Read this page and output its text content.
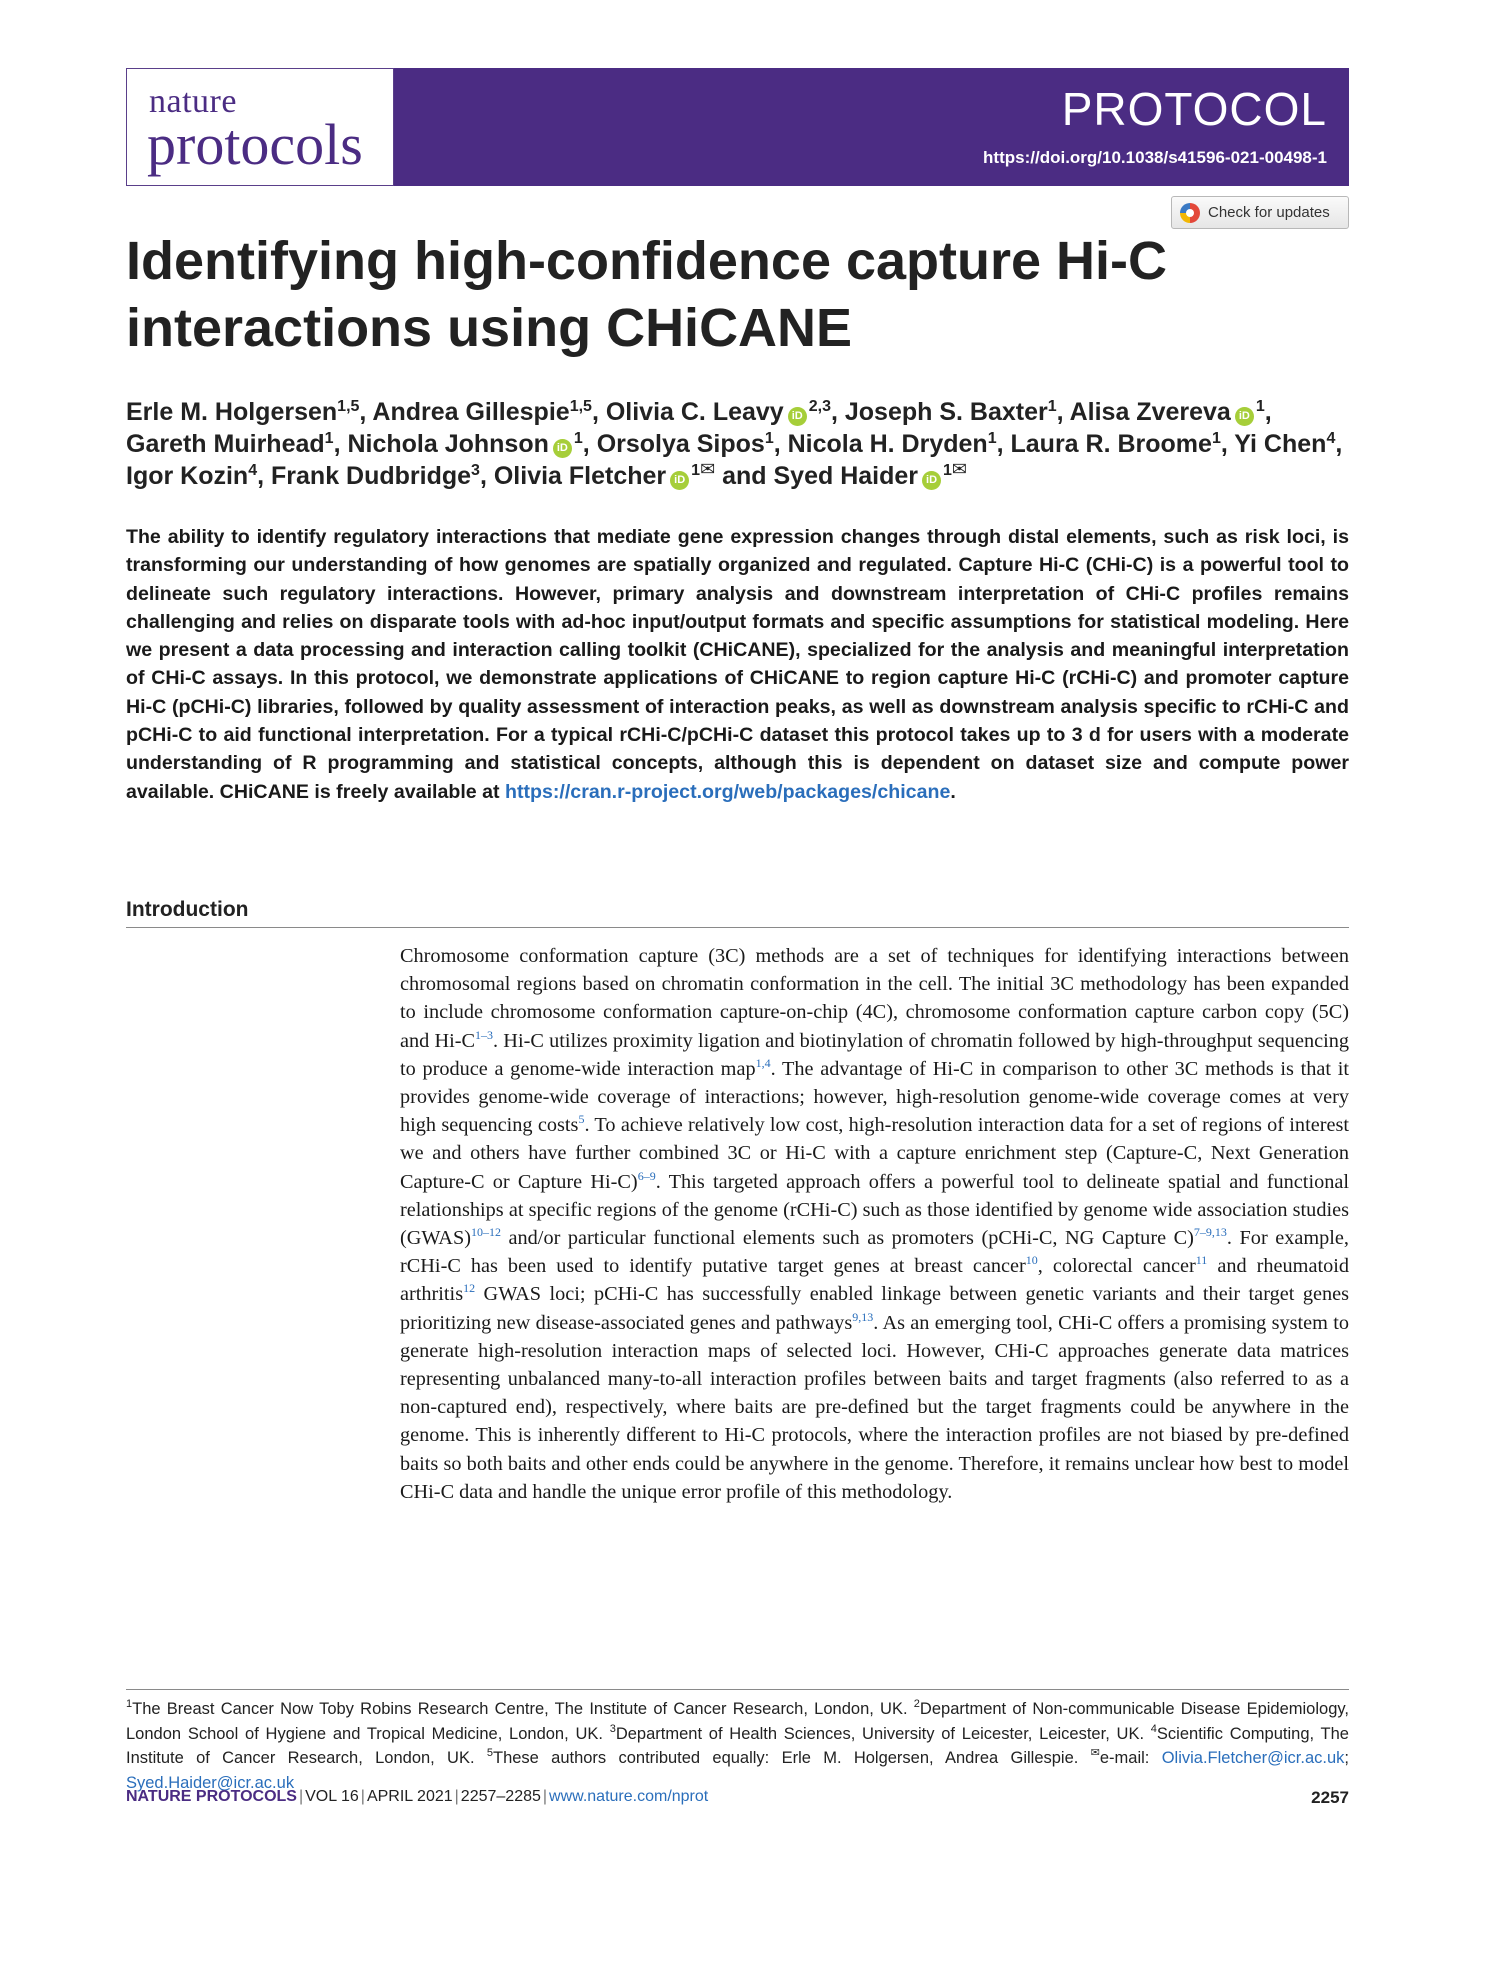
nature
protocols
PROTOCOL
https://doi.org/10.1038/s41596-021-00498-1
Check for updates
Identifying high-confidence capture Hi-C interactions using CHiCANE
Erle M. Holgersen$^{1,5}$, Andrea Gillespie$^{1,5}$, Olivia C. Leavy iD$^{2,3}$, Joseph S. Baxter$^1$, Alisa Zvereva $iD^1$, Gareth Muirhead$^1$, Nichola Johnson $iD^1$, Orsolya Sipos$^1$, Nicola H. Dryden$^1$, Laura R. Broome$^1$, Yi Chen$^4$, Igor Kozin$^4$, Frank Dudbridge$^3$, Olivia Fletcher $iD^{1✉}$ and Syed Haider $iD^{1✉}$

The ability to identify regulatory interactions that mediate gene expression changes through distal elements, such as risk loci, is transforming our understanding of how genomes are spatially organized and regulated. Capture Hi-C (CHi-C) is a powerful tool to delineate such regulatory interactions. However, primary analysis and downstream interpretation of CHi-C profiles remains challenging and relies on disparate tools with ad-hoc input/output formats and specific assumptions for statistical modeling. Here we present a data processing and interaction calling toolkit (CHiCANE), specialized for the analysis and meaningful interpretation of CHi-C assays. In this protocol, we demonstrate applications of CHiCANE to region capture Hi-C (rCHi-C) and promoter capture Hi-C (pCHi-C) libraries, followed by quality assessment of interaction peaks, as well as downstream analysis specific to rCHi-C and pCHi-C to aid functional interpretation. For a typical rCHi-C/pCHi-C dataset this protocol takes up to 3 d for users with a moderate understanding of R programming and statistical concepts, although this is dependent on dataset size and compute power available. CHiCANE is freely available at https://cran.r-project.org/web/packages/chicane.

Introduction

Chromosome conformation capture (3C) methods are a set of techniques for identifying interactions between chromosomal regions based on chromatin conformation in the cell. The initial 3C methodology has been expanded to include chromosome conformation capture-on-chip (4C), chromosome conformation capture carbon copy (5C) and $Hi-C^{1-3}$. Hi-C utilizes proximity ligation and biotinylation of chromatin followed by high-throughput sequencing to produce a genome-wide interaction map$^{1,4}$. The advantage of Hi-C in comparison to other 3C methods is that it provides genome-wide coverage of interactions; however, high-resolution genome-wide coverage comes at very high sequencing costs$^5$. To achieve relatively low cost, high-resolution interaction data for a set of regions of interest we and others have further combined 3C or Hi-C with a capture enrichment step (Capture-C, Next Generation Capture-C or Capture Hi-C)$^{6-9}$. This targeted approach offers a powerful tool to delineate spatial and functional relationships at specific regions of the genome (rCHi-C) such as those identified by genome wide association studies (GWAS)$^{10-12}$ and/or particular functional elements such as promoters (pCHi-C, NG Capture C)$^{7-9,13}$. For example, rCHi-C has been used to identify putative target genes at breast cancer$^{10}$, colorectal cancer$^{11}$ and rheumatoid arthritis$^{12}$ GWAS loci; pCHi-C has successfully enabled linkage between genetic variants and their target genes prioritizing new disease-associated genes and pathways$^{9,13}$. As an emerging tool, CHi-C offers a promising system to generate high-resolution interaction maps of selected loci. However, CHi-C approaches generate data matrices representing unbalanced many-to-all interaction profiles between baits and target fragments (also referred to as a non-captured end), respectively, where baits are pre-defined but the target fragments could be anywhere in the genome. This is inherently different to Hi-C protocols, where the interaction profiles are not biased by pre-defined baits so both baits and other ends could be anywhere in the genome. Therefore, it remains unclear how best to model CHi-C data and handle the unique error profile of this methodology.

$^1$The Breast Cancer Now Toby Robins Research Centre, The Institute of Cancer Research, London, UK. $^2$Department of Non-communicable Disease Epidemiology, London School of Hygiene and Tropical Medicine, London, UK. $^3$Department of Health Sciences, University of Leicester, Leicester, UK. $^4$Scientific Computing, The Institute of Cancer Research, London, UK. $^5$These authors contributed equally: Erle M. Holgersen, Andrea Gillespie. ✉e-mail: Olivia.Fletcher@icr.ac.uk; Syed.Haider@icr.ac.uk

NATURE PROTOCOLS | VOL 16 | APRIL 2021 | 2257–2285 | www.nature.com/nprot	2257
